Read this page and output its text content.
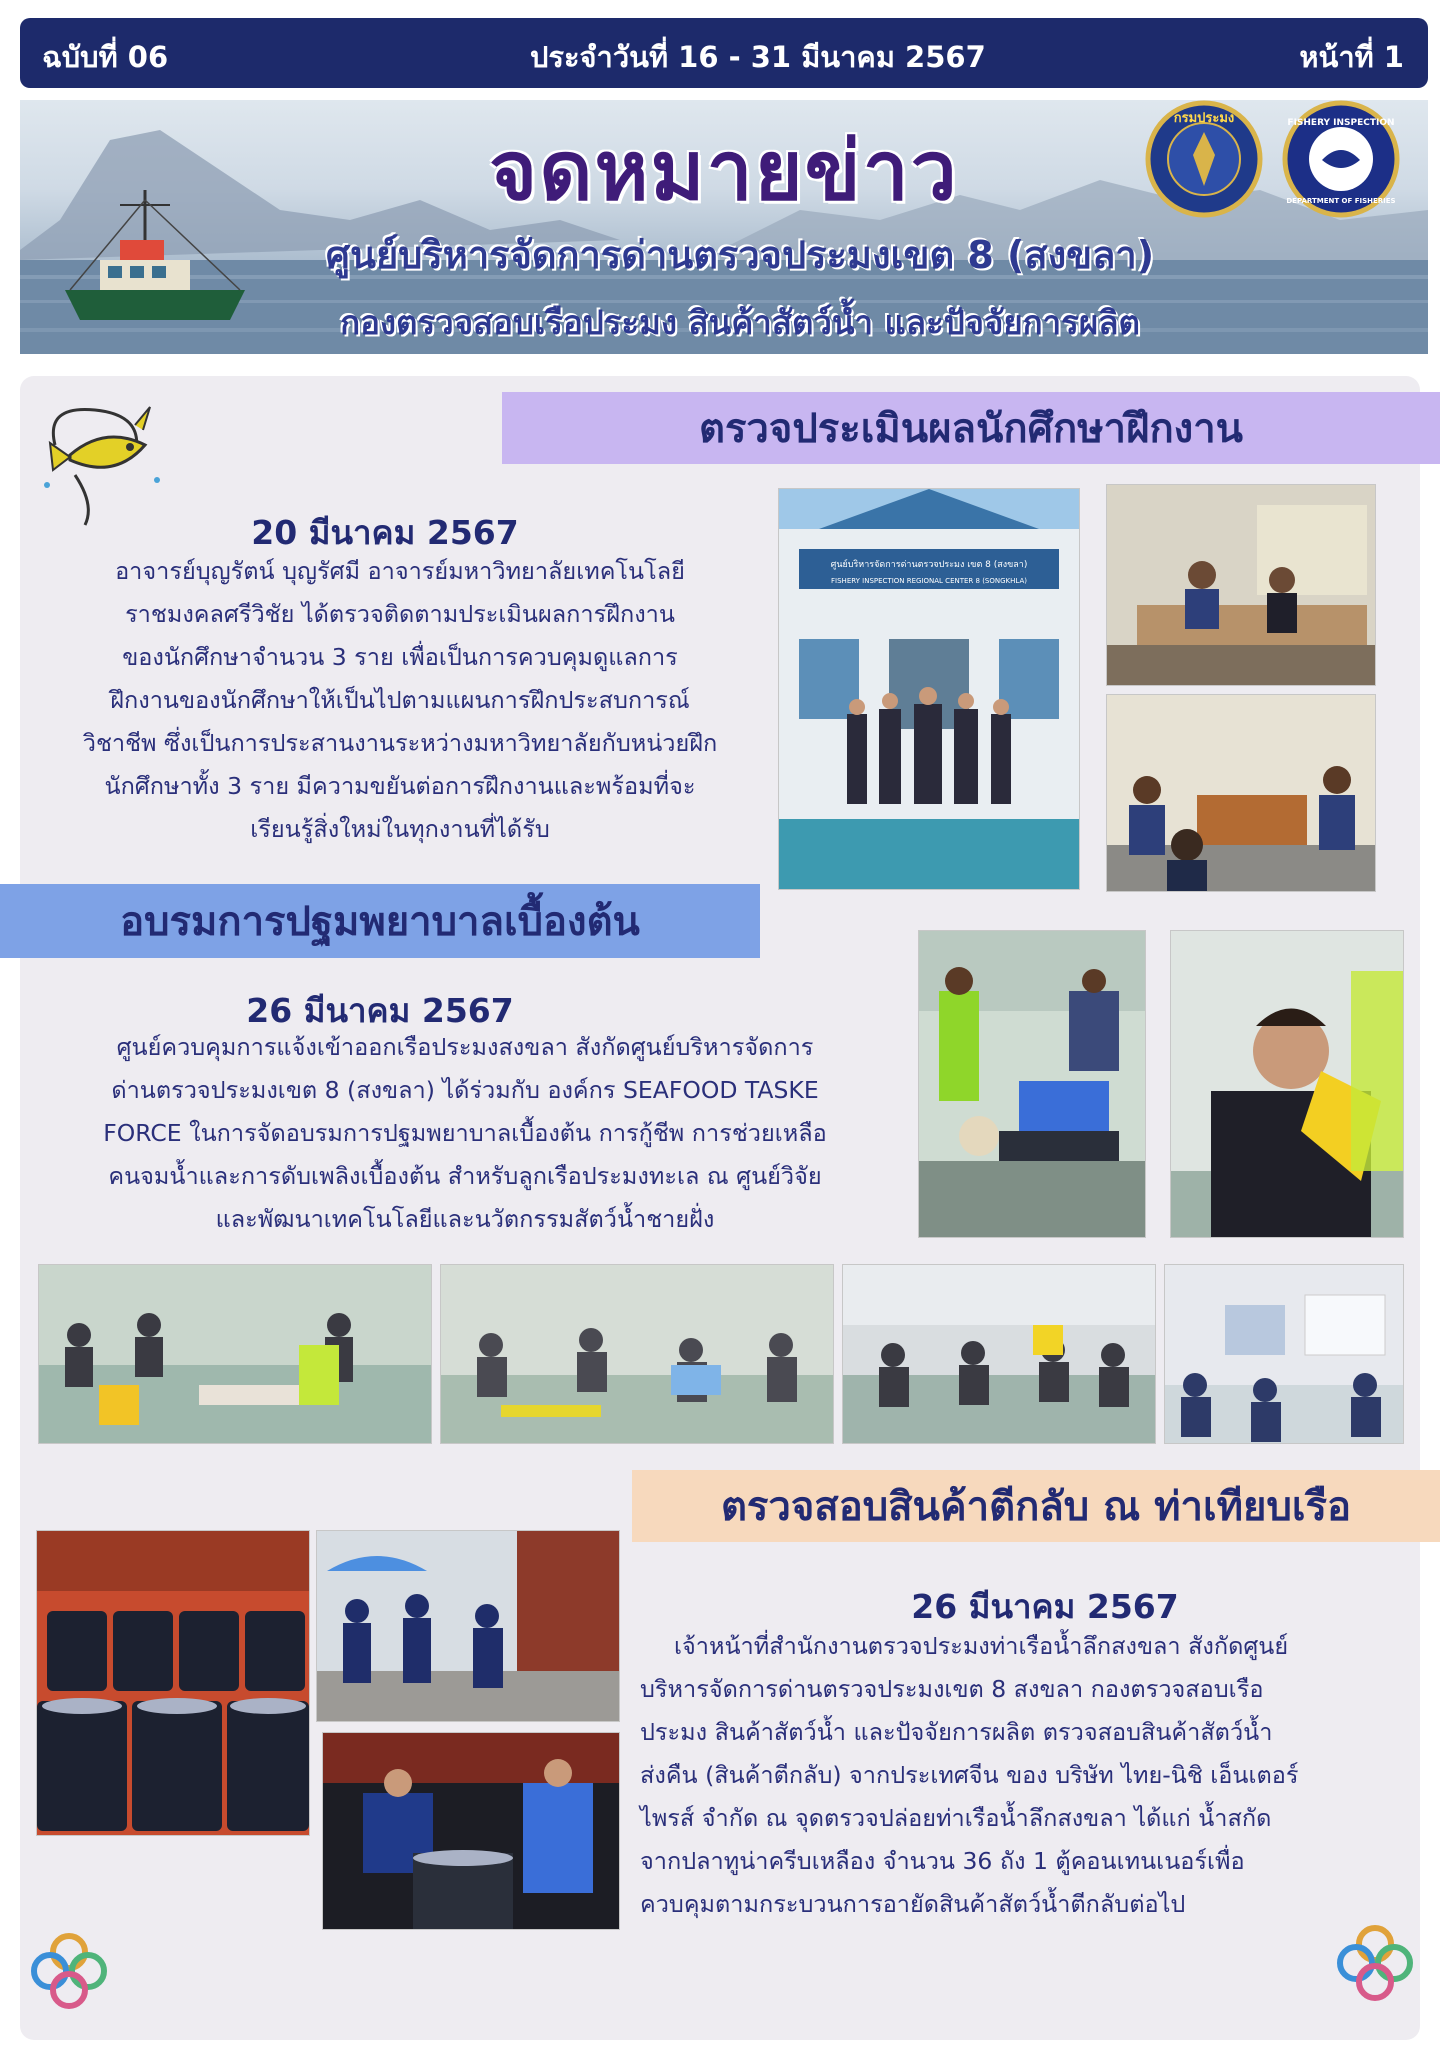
ฉบับที่ 06	ประจำวันที่ 16 - 31 มีนาคม 2567	หน้าที่ 1
จดหมายข่าว
ศูนย์บริหารจัดการด่านตรวจประมงเขต 8 (สงขลา)
กองตรวจสอบเรือประมง สินค้าสัตว์น้ำ และปัจจัยการผลิต
กรมประมง	FISHERY INSPECTION
DEPARTMENT OF FISHERIES
ตรวจประเมินผลนักศึกษาฝึกงาน
20 มีนาคม 2567
อาจารย์บุญรัตน์ บุญรัศมี อาจารย์มหาวิทยาลัยเทคโนโลยี
ราชมงคลศรีวิชัย ได้ตรวจติดตามประเมินผลการฝึกงาน
ของนักศึกษาจำนวน 3 ราย เพื่อเป็นการควบคุมดูแลการ
ฝึกงานของนักศึกษาให้เป็นไปตามแผนการฝึกประสบการณ์
วิชาชีพ ซึ่งเป็นการประสานงานระหว่างมหาวิทยาลัยกับหน่วยฝึก
นักศึกษาทั้ง 3 ราย มีความขยันต่อการฝึกงานและพร้อมที่จะ
เรียนรู้สิ่งใหม่ในทุกงานที่ได้รับ
ศูนย์บริหารจัดการด่านตรวจประมง เขต 8 (สงขลา)
FISHERY INSPECTION REGIONAL CENTER 8 (SONGKHLA)
อบรมการปฐมพยาบาลเบื้องต้น
26 มีนาคม 2567
ศูนย์ควบคุมการแจ้งเข้าออกเรือประมงสงขลา สังกัดศูนย์บริหารจัดการ
ด่านตรวจประมงเขต 8 (สงขลา) ได้ร่วมกับ องค์กร SEAFOOD TASKE
FORCE ในการจัดอบรมการปฐมพยาบาลเบื้องต้น การกู้ชีพ การช่วยเหลือ
คนจมน้ำและการดับเพลิงเบื้องต้น สำหรับลูกเรือประมงทะเล ณ ศูนย์วิจัย
และพัฒนาเทคโนโลยีและนวัตกรรมสัตว์น้ำชายฝั่ง
ตรวจสอบสินค้าตีกลับ ณ ท่าเทียบเรือ
26 มีนาคม 2567
เจ้าหน้าที่สำนักงานตรวจประมงท่าเรือน้ำลึกสงขลา สังกัดศูนย์
บริหารจัดการด่านตรวจประมงเขต 8 สงขลา กองตรวจสอบเรือ
ประมง สินค้าสัตว์น้ำ และปัจจัยการผลิต ตรวจสอบสินค้าสัตว์น้ำ
ส่งคืน (สินค้าตีกลับ) จากประเทศจีน ของ บริษัท ไทย-นิชิ เอ็นเตอร์
ไพรส์ จำกัด ณ จุดตรวจปล่อยท่าเรือน้ำลึกสงขลา ได้แก่ น้ำสกัด
จากปลาทูน่าครีบเหลือง จำนวน 36 ถัง 1 ตู้คอนเทนเนอร์เพื่อ
ควบคุมตามกระบวนการอายัดสินค้าสัตว์น้ำตีกลับต่อไป
